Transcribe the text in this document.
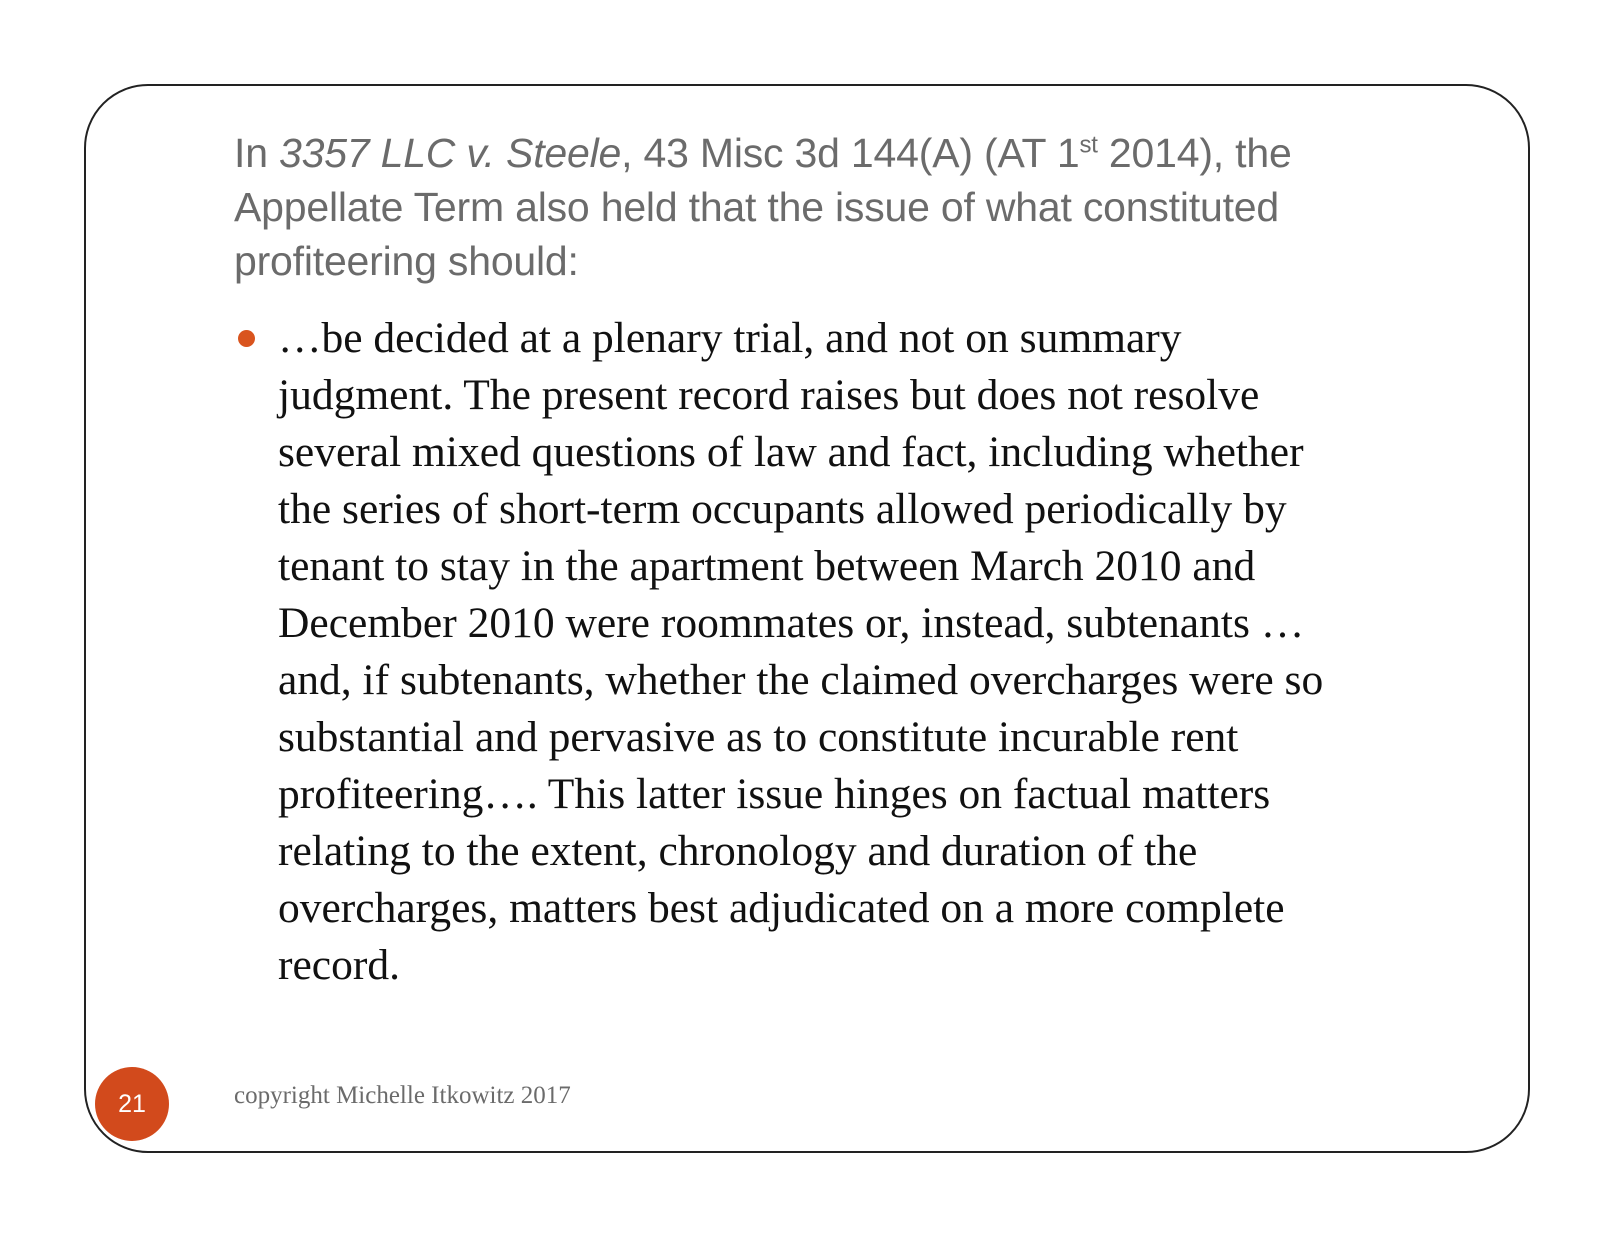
In 3357 LLC v. Steele, 43 Misc 3d 144(A) (AT 1st 2014), the
Appellate Term also held that the issue of what constituted
profiteering should:
…be decided at a plenary trial, and not on summary
judgment. The present record raises but does not resolve
several mixed questions of law and fact, including whether
the series of short-term occupants allowed periodically by
tenant to stay in the apartment between March 2010 and
December 2010 were roommates or, instead, subtenants …
and, if subtenants, whether the claimed overcharges were so
substantial and pervasive as to constitute incurable rent
profiteering…. This latter issue hinges on factual matters
relating to the extent, chronology and duration of the
overcharges, matters best adjudicated on a more complete
record.
21	copyright Michelle Itkowitz 2017
